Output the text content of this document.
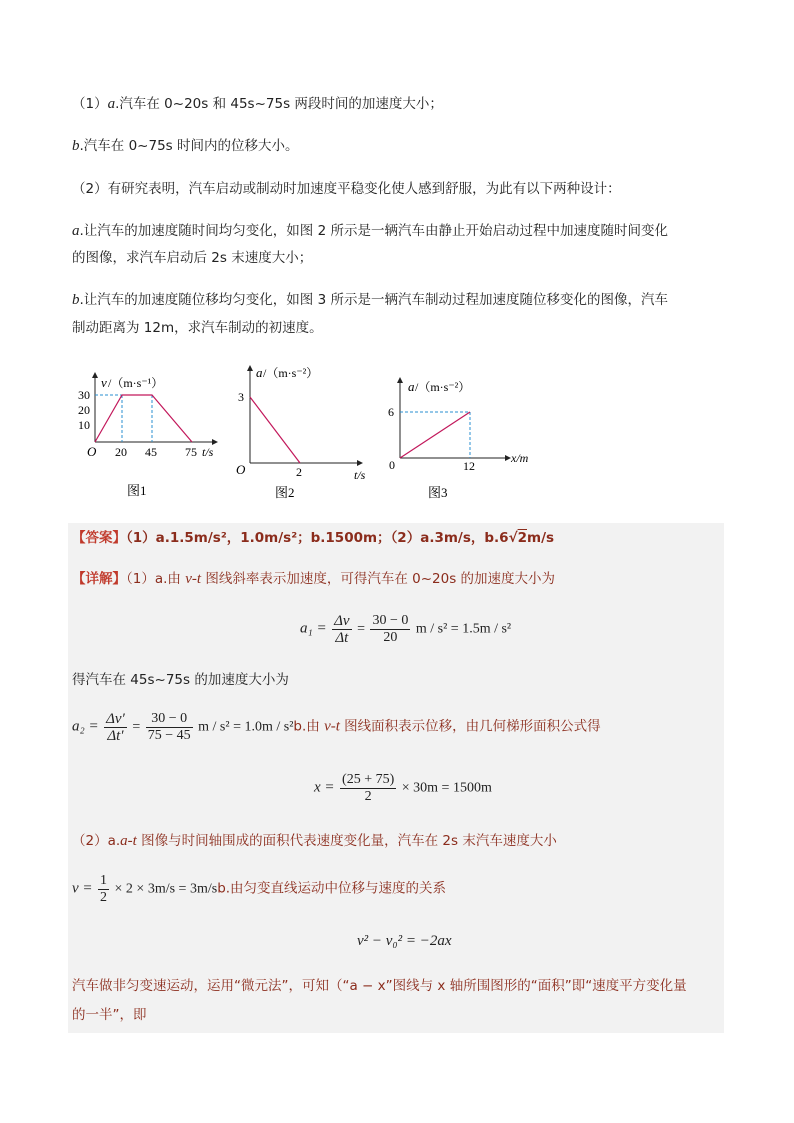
（1）a.汽车在 0~20s 和 45s~75s 两段时间的加速度大小；
b.汽车在 0~75s 时间内的位移大小。
（2）有研究表明，汽车启动或制动时加速度平稳变化使人感到舒服，为此有以下两种设计：
a.让汽车的加速度随时间均匀变化，如图 2 所示是一辆汽车由静止开始启动过程中加速度随时间变化
的图像，求汽车启动后 2s 末速度大小；
b.让汽车的加速度随位移均匀变化，如图 3 所示是一辆汽车制动过程加速度随位移变化的图像，汽车
制动距离为 12m，求汽车制动的初速度。
v /（m·s⁻¹）
30
20
10
O 20 45 75 t/s
图1
a /（m·s⁻²）
3
O	2	t/s
图2
a /（m·s⁻²）
6
0	12
x/m
图3
【答案】（1）a.1.5m/s²，1.0m/s²；b.1500m；（2）a.3m/s，b.6√2m/s
【详解】（1）a.由 v-t 图线斜率表示加速度，可得汽车在 0~20s 的加速度大小为
$a_1 = \frac{\Delta v}{\Delta t} = \frac{30 - 0}{20}$ m / s² = 1.5m / s²
得汽车在 45s~75s 的加速度大小为
$a_2 = \frac{\Delta v'}{\Delta t'} = \frac{30 - 0}{75 - 45}$ m / s² = 1.0m / s²b.由 v-t 图线面积表示位移，由几何梯形面积公式得
$x = \frac{(25 + 75)}{2} \times 30m = 1500m$
（2）a.a-t 图像与时间轴围成的面积代表速度变化量，汽车在 2s 末汽车速度大小
$v = \frac{1}{2} \times 2 \times 3m/s = 3m/sb$.由匀变直线运动中位移与速度的关系
v² − v₀² = −2ax
汽车做非匀变速运动，运用“微元法”，可知（“a − x”图线与 x 轴所围图形的“面积”即“速度平方变化量
的一半”，即
